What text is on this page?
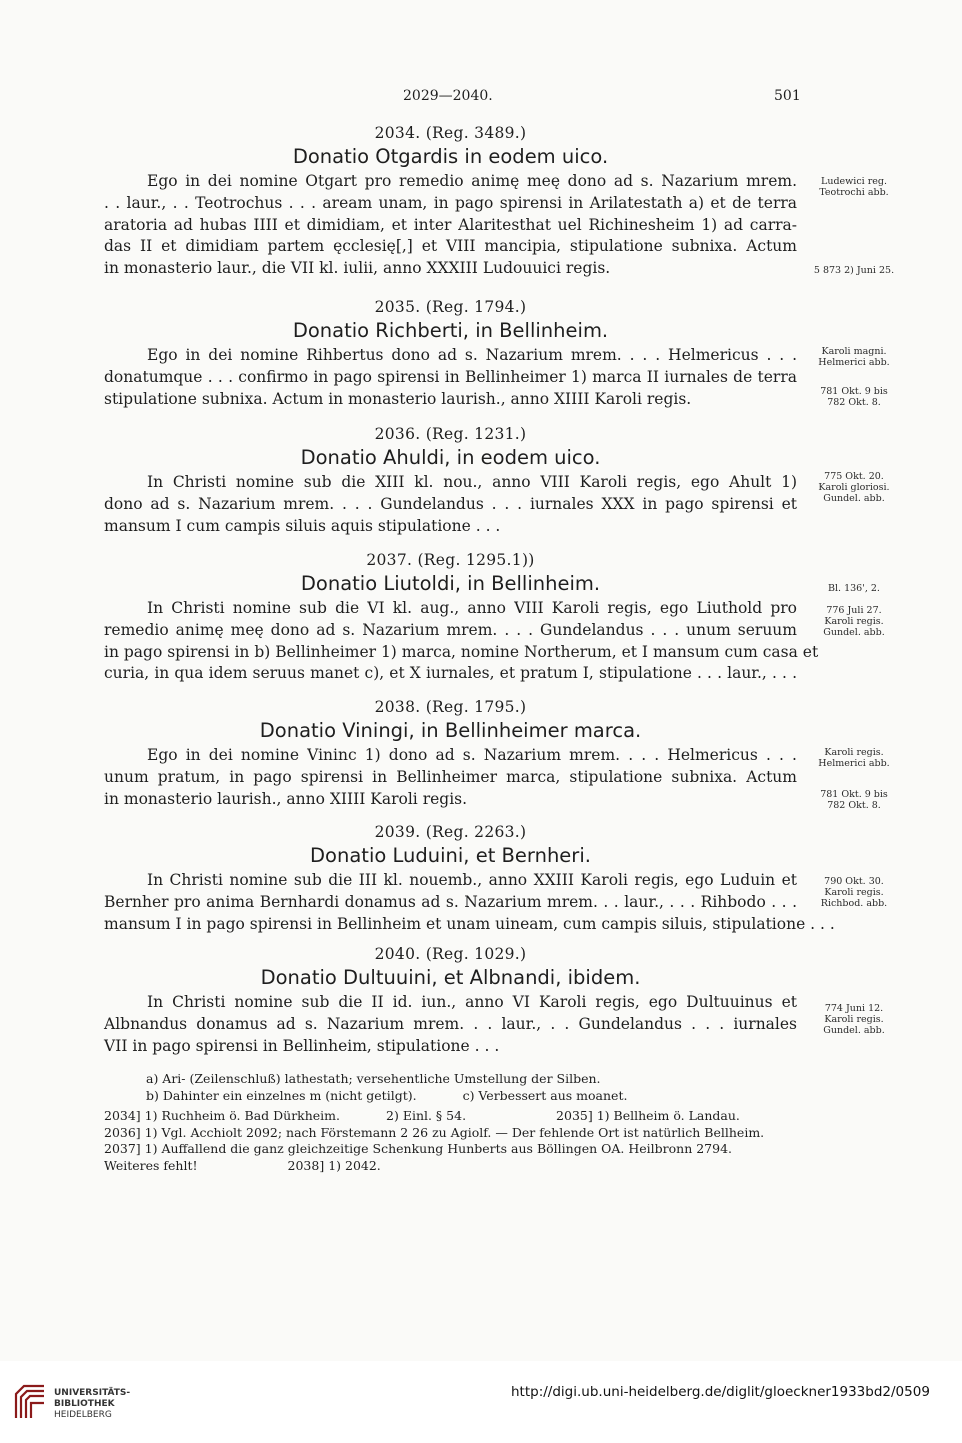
2029—2040.	501
2034. (Reg. 3489.)
Donatio Otgardis in eodem uico.
Ego in dei nomine Otgart pro remedio animę meę dono ad s. Nazarium mrem.
. . laur., . . Teotrochus . . . aream unam, in pago spirensi in Arilatestath a) et de terra
aratoria ad hubas IIII et dimidiam, et inter Alaritesthat uel Richinesheim 1) ad carra-
das II et dimidiam partem ęcclesię[,] et VIII mancipia, stipulatione subnixa. Actum
in monasterio laur., die VII kl. iulii, anno XXXIII Ludouuici regis.
Ludewici reg.
Teotrochi abb.
5 873 2) Juni 25.
2035. (Reg. 1794.)
Donatio Richberti, in Bellinheim.
Ego in dei nomine Rihbertus dono ad s. Nazarium mrem. . . . Helmericus . . .
donatumque . . . confirmo in pago spirensi in Bellinheimer 1) marca II iurnales de terra
stipulatione subnixa. Actum in monasterio laurish., anno XIIII Karoli regis.
Karoli magni.
Helmerici abb.
781 Okt. 9 bis
782 Okt. 8.
2036. (Reg. 1231.)
Donatio Ahuldi, in eodem uico.
In Christi nomine sub die XIII kl. nou., anno VIII Karoli regis, ego Ahult 1)
dono ad s. Nazarium mrem. . . . Gundelandus . . . iurnales XXX in pago spirensi et
mansum I cum campis siluis aquis stipulatione . . .
775 Okt. 20.
Karoli gloriosi.
Gundel. abb.
2037. (Reg. 1295.1))
Donatio Liutoldi, in Bellinheim.
In Christi nomine sub die VI kl. aug., anno VIII Karoli regis, ego Liuthold pro
remedio animę meę dono ad s. Nazarium mrem. . . . Gundelandus . . . unum seruum
in pago spirensi in b) Bellinheimer 1) marca, nomine Northerum, et I mansum cum casa et
curia, in qua idem seruus manet c), et X iurnales, et pratum I, stipulatione . . . laur., . . .
Bl. 136', 2.
776 Juli 27.
Karoli regis.
Gundel. abb.
2038. (Reg. 1795.)
Donatio Viningi, in Bellinheimer marca.
Ego in dei nomine Vininc 1) dono ad s. Nazarium mrem. . . . Helmericus . . .
unum pratum, in pago spirensi in Bellinheimer marca, stipulatione subnixa. Actum
in monasterio laurish., anno XIIII Karoli regis.
Karoli regis.
Helmerici abb.
781 Okt. 9 bis
782 Okt. 8.
2039. (Reg. 2263.)
Donatio Luduini, et Bernheri.
In Christi nomine sub die III kl. nouemb., anno XXIII Karoli regis, ego Luduin et
Bernher pro anima Bernhardi donamus ad s. Nazarium mrem. . . laur., . . . Rihbodo . . .
mansum I in pago spirensi in Bellinheim et unam uineam, cum campis siluis, stipulatione . . .
790 Okt. 30.
Karoli regis.
Richbod. abb.
2040. (Reg. 1029.)
Donatio Dultuuini, et Albnandi, ibidem.
In Christi nomine sub die II id. iun., anno VI Karoli regis, ego Dultuuinus et
Albnandus donamus ad s. Nazarium mrem. . . laur., . . Gundelandus . . . iurnales
VII in pago spirensi in Bellinheim, stipulatione . . .
774 Juni 12.
Karoli regis.
Gundel. abb.
a) Ari- (Zeilenschluß) lathestath; versehentliche Umstellung der Silben.
b) Dahinter ein einzelnes m (nicht getilgt).	c) Verbessert aus moanet.
2034] 1) Ruchheim ö. Bad Dürkheim.	2) Einl. § 54.	2035] 1) Bellheim ö. Landau.
2036] 1) Vgl. Acchiolt 2092; nach Förstemann 2 26 zu Agiolf. — Der fehlende Ort ist natürlich Bellheim.
2037] 1) Auffallend die ganz gleichzeitige Schenkung Hunberts aus Böllingen OA. Heilbronn 2794.
Weiteres fehlt!	2038] 1) 2042.
UNIVERSITÄTS-
BIBLIOTHEK
HEIDELBERG
http://digi.ub.uni-heidelberg.de/diglit/gloeckner1933bd2/0509
